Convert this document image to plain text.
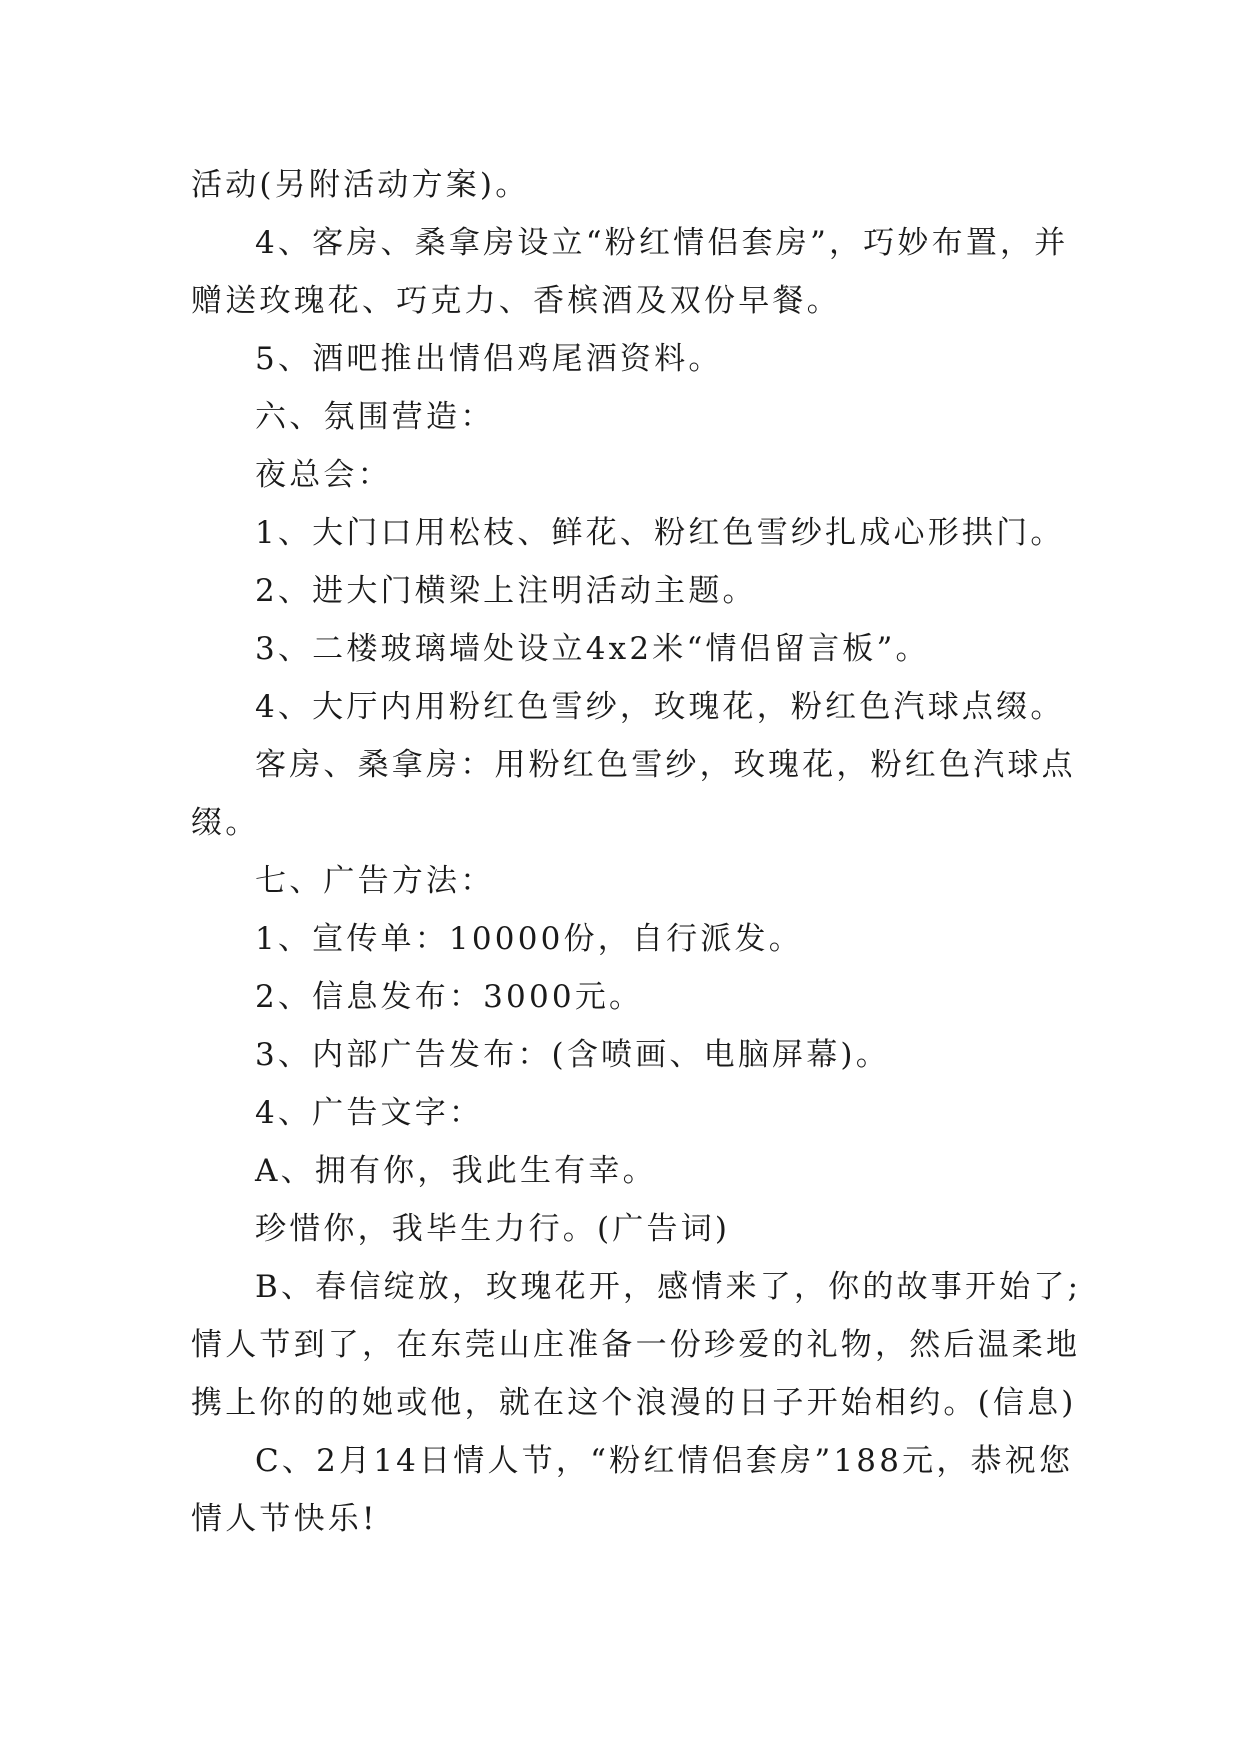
活动(另附活动方案)。

4、客房、桑拿房设立“粉红情侣套房”，巧妙布置，并

赠送玫瑰花、巧克力、香槟酒及双份早餐。

5、酒吧推出情侣鸡尾酒资料。

六、氛围营造：

夜总会：

1、大门口用松枝、鲜花、粉红色雪纱扎成心形拱门。

2、进大门横梁上注明活动主题。

3、二楼玻璃墙处设立4x2米“情侣留言板”。

4、大厅内用粉红色雪纱，玫瑰花，粉红色汽球点缀。

客房、桑拿房：用粉红色雪纱，玫瑰花，粉红色汽球点

缀。

七、广告方法：

1、宣传单：10000份，自行派发。

2、信息发布：3000元。

3、内部广告发布：(含喷画、电脑屏幕)。

4、广告文字：

A、拥有你，我此生有幸。

珍惜你，我毕生力行。(广告词)

B、春信绽放，玫瑰花开，感情来了，你的故事开始了;

情人节到了，在东莞山庄准备一份珍爱的礼物，然后温柔地

携上你的的她或他，就在这个浪漫的日子开始相约。(信息)

C、2月14日情人节，“粉红情侣套房”188元，恭祝您

情人节快乐!
